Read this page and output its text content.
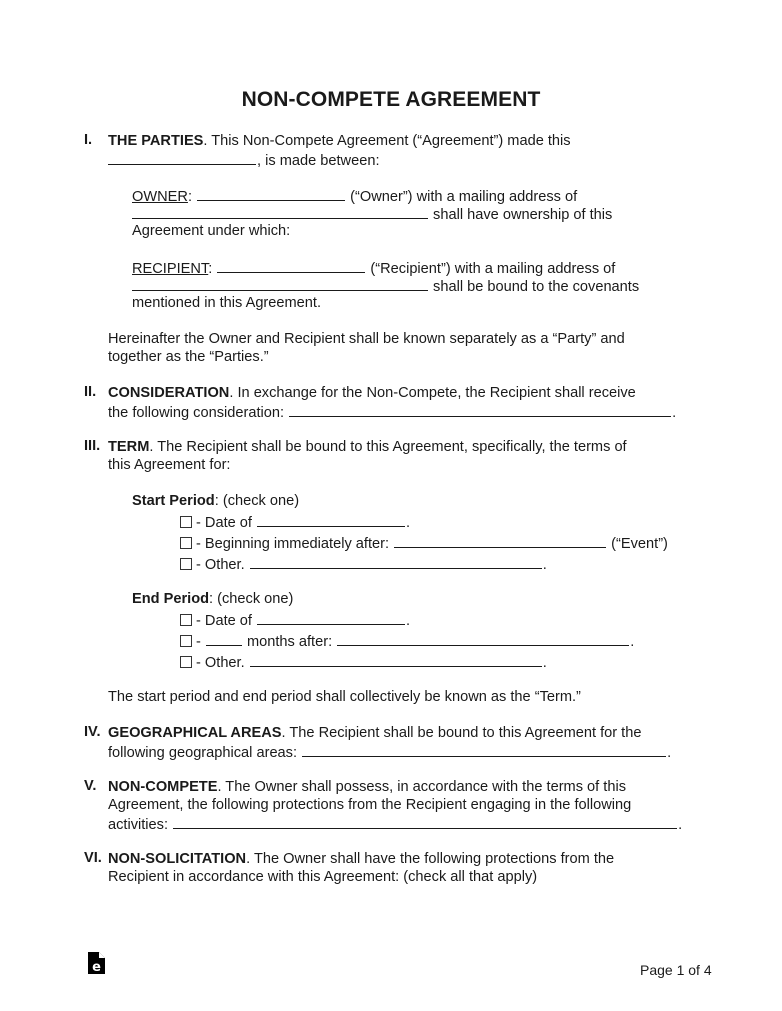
NON-COMPETE AGREEMENT
I. THE PARTIES. This Non-Compete Agreement (“Agreement”) made this
, is made between:
OWNER:	(“Owner”) with a mailing address of
shall have ownership of this
Agreement under which:
RECIPIENT:	(“Recipient”) with a mailing address of
shall be bound to the covenants
mentioned in this Agreement.
Hereinafter the Owner and Recipient shall be known separately as a “Party” and
together as the “Parties.”
II. CONSIDERATION. In exchange for the Non-Compete, the Recipient shall receive
the following consideration:	.
III. TERM. The Recipient shall be bound to this Agreement, specifically, the terms of
this Agreement for:
Start Period: (check one)
- Date of	.
- Beginning immediately after:	(“Event”)
- Other.	.
End Period: (check one)
- Date of	.
-	months after:	.
- Other.	.
The start period and end period shall collectively be known as the “Term.”
IV. GEOGRAPHICAL AREAS. The Recipient shall be bound to this Agreement for the
following geographical areas:	.
V. NON-COMPETE. The Owner shall possess, in accordance with the terms of this
Agreement, the following protections from the Recipient engaging in the following
activities:	.
VI. NON-SOLICITATION. The Owner shall have the following protections from the
Recipient in accordance with this Agreement: (check all that apply)
e	Page 1 of 4
